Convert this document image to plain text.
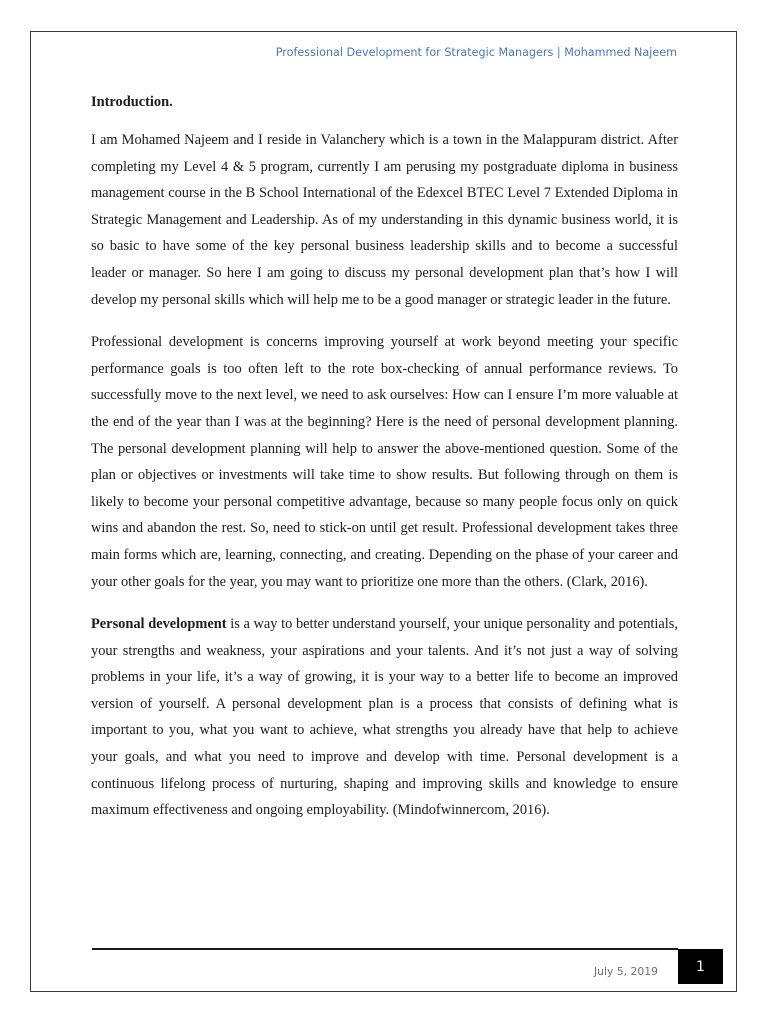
Professional Development for Strategic Managers | Mohammed Najeem

Introduction.

I am Mohamed Najeem and I reside in Valanchery which is a town in the Malappuram district. After completing my Level 4 & 5 program, currently I am perusing my postgraduate diploma in business management course in the B School International of the Edexcel BTEC Level 7 Extended Diploma in Strategic Management and Leadership. As of my understanding in this dynamic business world, it is so basic to have some of the key personal business leadership skills and to become a successful leader or manager. So here I am going to discuss my personal development plan that’s how I will develop my personal skills which will help me to be a good manager or strategic leader in the future.

Professional development is concerns improving yourself at work beyond meeting your specific performance goals is too often left to the rote box-checking of annual performance reviews. To successfully move to the next level, we need to ask ourselves: How can I ensure I’m more valuable at the end of the year than I was at the beginning? Here is the need of personal development planning. The personal development planning will help to answer the above-mentioned question. Some of the plan or objectives or investments will take time to show results. But following through on them is likely to become your personal competitive advantage, because so many people focus only on quick wins and abandon the rest. So, need to stick-on until get result. Professional development takes three main forms which are, learning, connecting, and creating. Depending on the phase of your career and your other goals for the year, you may want to prioritize one more than the others. (Clark, 2016).

Personal development is a way to better understand yourself, your unique personality and potentials, your strengths and weakness, your aspirations and your talents. And it’s not just a way of solving problems in your life, it’s a way of growing, it is your way to a better life to become an improved version of yourself. A personal development plan is a process that consists of defining what is important to you, what you want to achieve, what strengths you already have that help to achieve your goals, and what you need to improve and develop with time. Personal development is a continuous lifelong process of nurturing, shaping and improving skills and knowledge to ensure maximum effectiveness and ongoing employability. (Mindofwinnercom, 2016).

July 5, 2019	1
